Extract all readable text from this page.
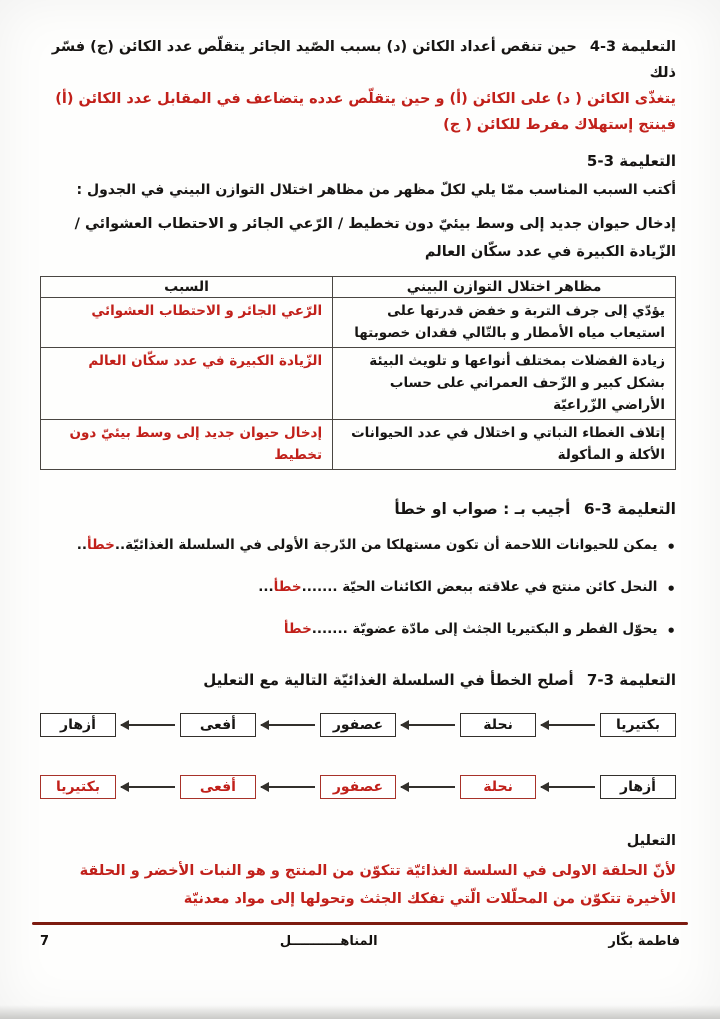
التعليمة 3-4 حين تنقص أعداد الكائن (د) بسبب الصّيد الجائر يتقلّص عدد الكائن (ج) فسّر ذلك

يتغذّى الكائن ( د) على الكائن (أ) و حين يتقلّص عدده يتضاعف في المقابل عدد الكائن (أ) فينتج إستهلاك مفرط للكائن ( ج)

التعليمة 3-5

أكتب السبب المناسب ممّا يلي لكلّ مظهر من مظاهر اختلال التوازن البيني في الجدول :

إدخال حيوان جديد إلى وسط بيئيّ دون تخطيط / الرّعي الجائر و الاحتطاب العشوائي / الزّيادة الكبيرة في عدد سكّان العالم

مظاهر اختلال التوازن البيني	السبب
يؤدّي إلى جرف التربة و خفض قدرتها على استيعاب مياه الأمطار و بالتّالي فقدان خصوبتها	الرّعي الجائر و الاحتطاب العشوائي
زيادة الفضلات بمختلف أنواعها و تلويث البيئة بشكل كبير و الزّحف العمراني على حساب الأراضي الزّراعيّة	الزّيادة الكبيرة في عدد سكّان العالم
إتلاف الغطاء النباتي و اختلال في عدد الحيوانات الأكلة و المأكولة	إدخال حيوان جديد إلى وسط بيئيّ دون تخطيط

التعليمة 3-6 أجيب بـ : صواب او خطأ

•
يمكن للحيوانات اللاحمة أن تكون مستهلكا من الدّرجة الأولى في السلسلة الغذائيّة..خطأ..
•
النحل كائن منتج في علاقته ببعض الكائنات الحيّة .......خطأ...
•
يحوّل الفطر و البكتيريا الجثث إلى مادّة عضويّة .......خطأ

التعليمة 3-7 أصلح الخطأ في السلسلة الغذائيّة التالية مع التعليل

بكتيريا
نحلة
عصفور
أفعى
أزهار
أزهار
نحلة
عصفور
أفعى
بكتيريا

التعليل

لأنّ الحلقة الاولى في السلسة الغذائيّة تتكوّن من المنتج و هو النبات الأخضر و الحلقة الأخيرة تتكوّن من المحلّلات الّتي تفكك الجثث وتحولها إلى مواد معدنيّة

فاطمة بكّار
المناهـــــــــــل
7
